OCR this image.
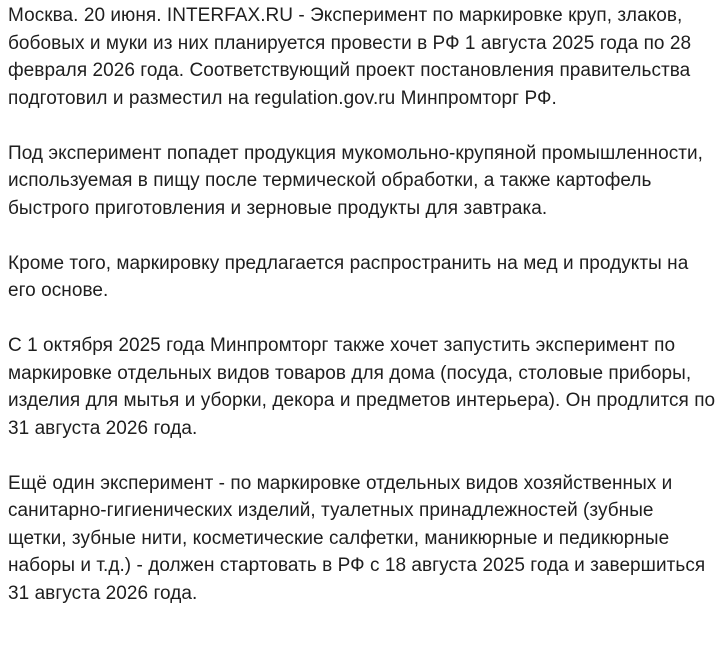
Москва. 20 июня. INTERFAX.RU - Эксперимент по маркировке круп, злаков, бобовых и муки из них планируется провести в РФ 1 августа 2025 года по 28 февраля 2026 года. Соответствующий проект постановления правительства подготовил и разместил на regulation.gov.ru Минпромторг РФ.

Под эксперимент попадет продукция мукомольно-крупяной промышленности, используемая в пищу после термической обработки, а также картофель быстрого приготовления и зерновые продукты для завтрака.

Кроме того, маркировку предлагается распространить на мед и продукты на его основе.

С 1 октября 2025 года Минпромторг также хочет запустить эксперимент по маркировке отдельных видов товаров для дома (посуда, столовые приборы, изделия для мытья и уборки, декора и предметов интерьера). Он продлится по 31 августа 2026 года.

Ещё один эксперимент - по маркировке отдельных видов хозяйственных и санитарно-гигиенических изделий, туалетных принадлежностей (зубные щетки, зубные нити, косметические салфетки, маникюрные и педикюрные наборы и т.д.) - должен стартовать в РФ с 18 августа 2025 года и завершиться 31 августа 2026 года.
